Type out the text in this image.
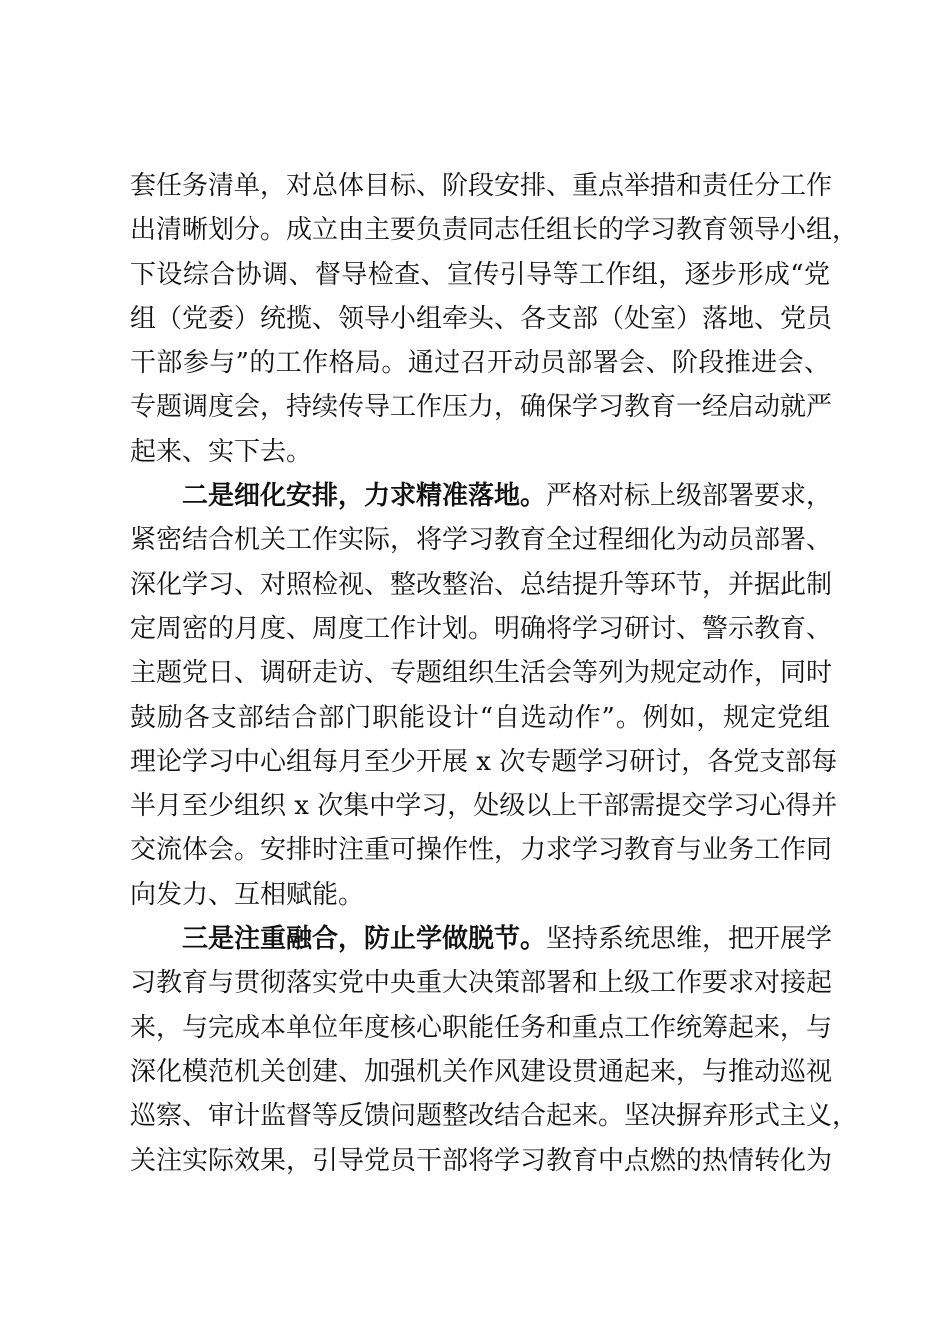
套任务清单，对总体目标、阶段安排、重点举措和责任分工作
出清晰划分。成立由主要负责同志任组长的学习教育领导小组，
下设综合协调、督导检查、宣传引导等工作组，逐步形成“党
组（党委）统揽、领导小组牵头、各支部（处室）落地、党员
干部参与”的工作格局。通过召开动员部署会、阶段推进会、
专题调度会，持续传导工作压力，确保学习教育一经启动就严
起来、实下去。
二是细化安排，力求精准落地。严格对标上级部署要求，
紧密结合机关工作实际，将学习教育全过程细化为动员部署、
深化学习、对照检视、整改整治、总结提升等环节，并据此制
定周密的月度、周度工作计划。明确将学习研讨、警示教育、
主题党日、调研走访、专题组织生活会等列为规定动作，同时
鼓励各支部结合部门职能设计“自选动作”。例如，规定党组
理论学习中心组每月至少开展 x 次专题学习研讨，各党支部每
半月至少组织 x 次集中学习，处级以上干部需提交学习心得并
交流体会。安排时注重可操作性，力求学习教育与业务工作同
向发力、互相赋能。
三是注重融合，防止学做脱节。坚持系统思维，把开展学
习教育与贯彻落实党中央重大决策部署和上级工作要求对接起
来，与完成本单位年度核心职能任务和重点工作统筹起来，与
深化模范机关创建、加强机关作风建设贯通起来，与推动巡视
巡察、审计监督等反馈问题整改结合起来。坚决摒弃形式主义，
关注实际效果，引导党员干部将学习教育中点燃的热情转化为
